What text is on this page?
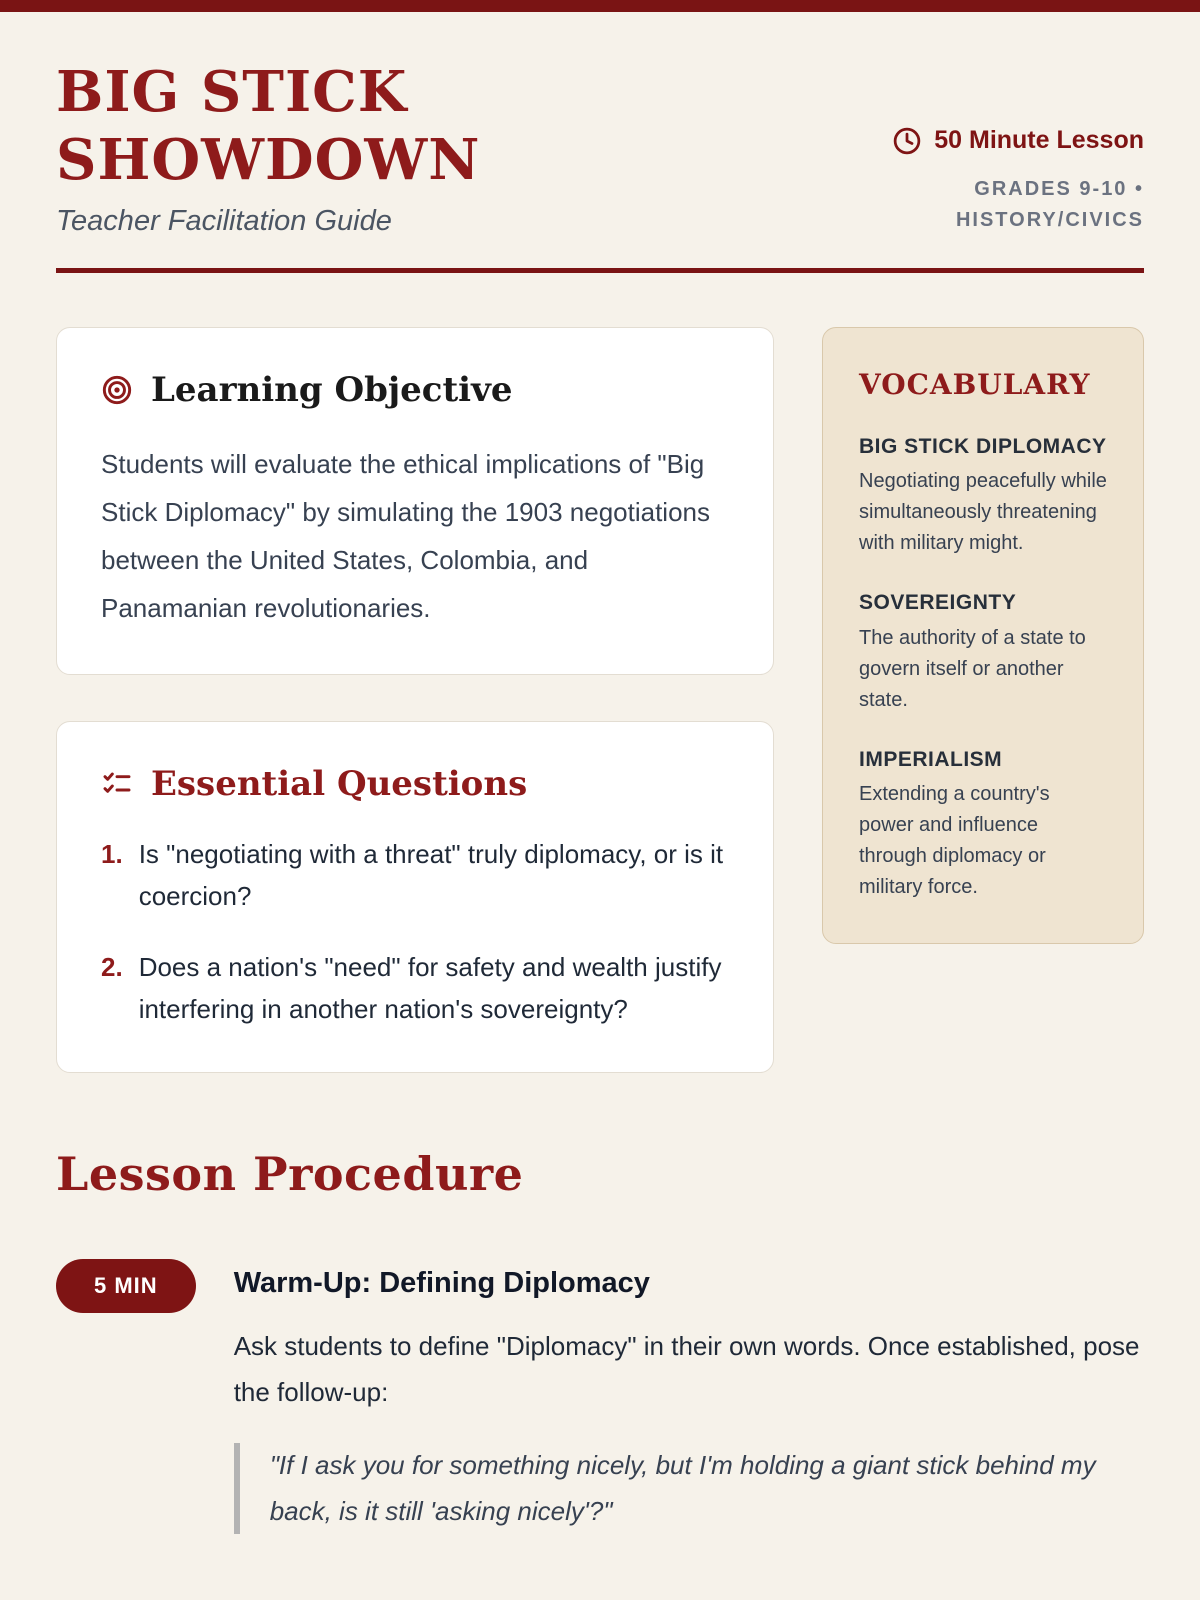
BIG STICK
SHOWDOWN
Teacher Facilitation Guide
50 Minute Lesson
GRADES 9-10 •
HISTORY/CIVICS
Learning Objective
Students will evaluate the ethical implications of "Big Stick Diplomacy" by simulating the 1903 negotiations between the United States, Colombia, and Panamanian revolutionaries.
Essential Questions
1. Is "negotiating with a threat" truly diplomacy, or is it coercion?
2. Does a nation's "need" for safety and wealth justify interfering in another nation's sovereignty?
VOCABULARY
BIG STICK DIPLOMACY
Negotiating peacefully while simultaneously threatening with military might.
SOVEREIGNTY
The authority of a state to govern itself or another state.
IMPERIALISM
Extending a country's power and influence through diplomacy or military force.
Lesson Procedure
5 MIN	Warm-Up: Defining Diplomacy
Ask students to define "Diplomacy" in their own words. Once established, pose the follow-up:
"If I ask you for something nicely, but I'm holding a giant stick behind my back, is it still 'asking nicely'?"
